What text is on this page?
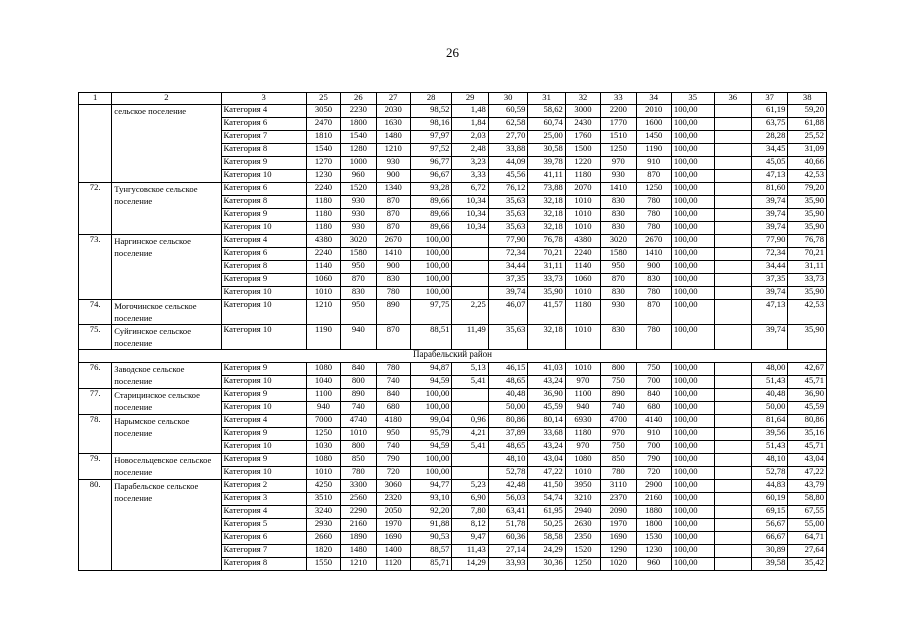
26
1	2	3	25	26	27	28	29	30	31	32	33	34	35	36	37	38
	сельское поселение	Категория 4	3050	2230	2030	98,52	1,48	60,59	58,62	3000	2200	2010	100,00		61,19	59,20
		Категория 6	2470	1800	1630	98,16	1,84	62,58	60,74	2430	1770	1600	100,00		63,75	61,88
		Категория 7	1810	1540	1480	97,97	2,03	27,70	25,00	1760	1510	1450	100,00		28,28	25,52
		Категория 8	1540	1280	1210	97,52	2,48	33,88	30,58	1500	1250	1190	100,00		34,45	31,09
		Категория 9	1270	1000	930	96,77	3,23	44,09	39,78	1220	970	910	100,00		45,05	40,66
		Категория 10	1230	960	900	96,67	3,33	45,56	41,11	1180	930	870	100,00		47,13	42,53
72.	Тунгусовское сельское поселение	Категория 6	2240	1520	1340	93,28	6,72	76,12	73,88	2070	1410	1250	100,00		81,60	79,20
		Категория 8	1180	930	870	89,66	10,34	35,63	32,18	1010	830	780	100,00		39,74	35,90
		Категория 9	1180	930	870	89,66	10,34	35,63	32,18	1010	830	780	100,00		39,74	35,90
		Категория 10	1180	930	870	89,66	10,34	35,63	32,18	1010	830	780	100,00		39,74	35,90
73.	Наргинское сельское поселение	Категория 4	4380	3020	2670	100,00		77,90	76,78	4380	3020	2670	100,00		77,90	76,78
		Категория 6	2240	1580	1410	100,00		72,34	70,21	2240	1580	1410	100,00		72,34	70,21
		Категория 8	1140	950	900	100,00		34,44	31,11	1140	950	900	100,00		34,44	31,11
		Категория 9	1060	870	830	100,00		37,35	33,73	1060	870	830	100,00		37,35	33,73
		Категория 10	1010	830	780	100,00		39,74	35,90	1010	830	780	100,00		39,74	35,90
74.	Могочинское сельское поселение	Категория 10	1210	950	890	97,75	2,25	46,07	41,57	1180	930	870	100,00		47,13	42,53
75.	Суйгинское сельское поселение	Категория 10	1190	940	870	88,51	11,49	35,63	32,18	1010	830	780	100,00		39,74	35,90
Парабельский район																
76.	Заводское сельское поселение	Категория 9	1080	840	780	94,87	5,13	46,15	41,03	1010	800	750	100,00		48,00	42,67
		Категория 10	1040	800	740	94,59	5,41	48,65	43,24	970	750	700	100,00		51,43	45,71
77.	Старицинское сельское поселение	Категория 9	1100	890	840	100,00		40,48	36,90	1100	890	840	100,00		40,48	36,90
		Категория 10	940	740	680	100,00		50,00	45,59	940	740	680	100,00		50,00	45,59
78.	Нарымское сельское поселение	Категория 4	7000	4740	4180	99,04	0,96	80,86	80,14	6930	4700	4140	100,00		81,64	80,86
		Категория 9	1250	1010	950	95,79	4,21	37,89	33,68	1180	970	910	100,00		39,56	35,16
		Категория 10	1030	800	740	94,59	5,41	48,65	43,24	970	750	700	100,00		51,43	45,71
79.	Новосельцевское сельское поселение	Категория 9	1080	850	790	100,00		48,10	43,04	1080	850	790	100,00		48,10	43,04
		Категория 10	1010	780	720	100,00		52,78	47,22	1010	780	720	100,00		52,78	47,22
80.	Парабельское сельское поселение	Категория 2	4250	3300	3060	94,77	5,23	42,48	41,50	3950	3110	2900	100,00		44,83	43,79
		Категория 3	3510	2560	2320	93,10	6,90	56,03	54,74	3210	2370	2160	100,00		60,19	58,80
		Категория 4	3240	2290	2050	92,20	7,80	63,41	61,95	2940	2090	1880	100,00		69,15	67,55
		Категория 5	2930	2160	1970	91,88	8,12	51,78	50,25	2630	1970	1800	100,00		56,67	55,00
		Категория 6	2660	1890	1690	90,53	9,47	60,36	58,58	2350	1690	1530	100,00		66,67	64,71
		Категория 7	1820	1480	1400	88,57	11,43	27,14	24,29	1520	1290	1230	100,00		30,89	27,64
		Категория 8	1550	1210	1120	85,71	14,29	33,93	30,36	1250	1020	960	100,00		39,58	35,42
